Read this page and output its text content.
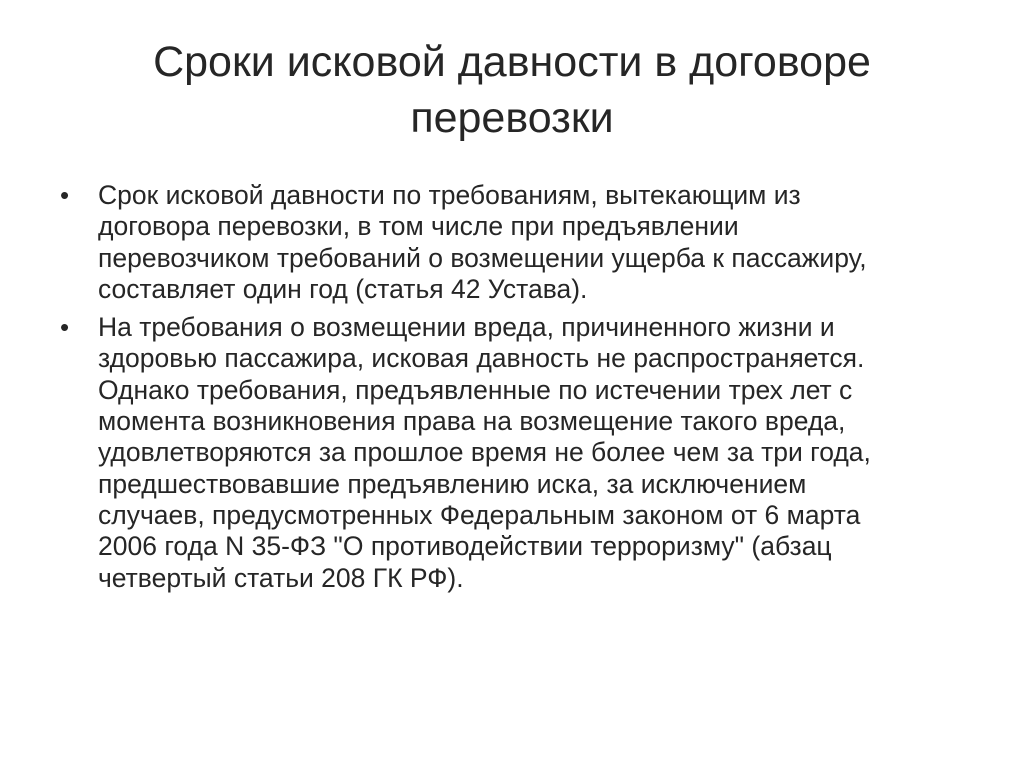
Сроки исковой давности в договоре
перевозки
•	Срок исковой давности по требованиям, вытекающим из
договора перевозки, в том числе при предъявлении
перевозчиком требований о возмещении ущерба к пассажиру,
составляет один год (статья 42 Устава).
•	На требования о возмещении вреда, причиненного жизни и
здоровью пассажира, исковая давность не распространяется.
Однако требования, предъявленные по истечении трех лет с
момента возникновения права на возмещение такого вреда,
удовлетворяются за прошлое время не более чем за три года,
предшествовавшие предъявлению иска, за исключением
случаев, предусмотренных Федеральным законом от 6 марта
2006 года N 35-ФЗ "О противодействии терроризму" (абзац
четвертый статьи 208 ГК РФ).
